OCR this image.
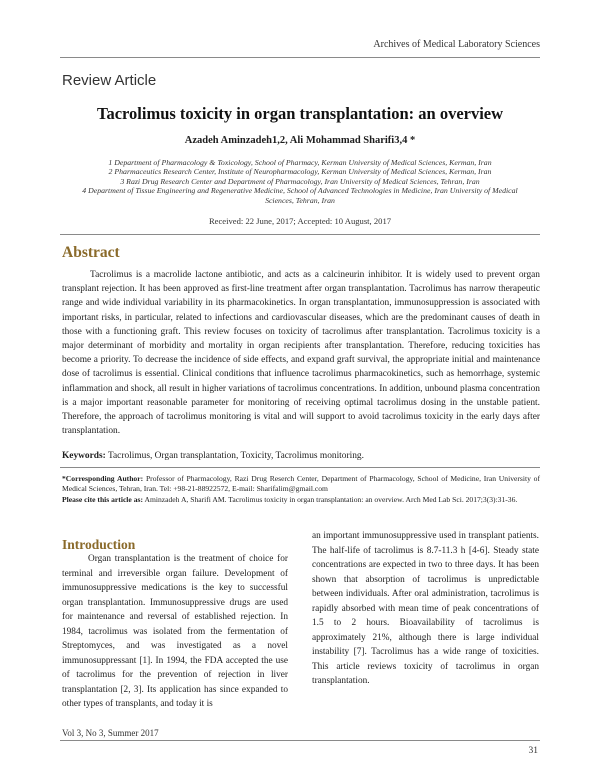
Archives of Medical Laboratory Sciences
Review Article
Tacrolimus toxicity in organ transplantation: an overview
Azadeh Aminzadeh1,2, Ali Mohammad Sharifi3,4 *
1 Department of Pharmacology & Toxicology, School of Pharmacy, Kerman University of Medical Sciences, Kerman, Iran
2 Pharmaceutics Research Center, Institute of Neuropharmacology, Kerman University of Medical Sciences, Kerman, Iran
3 Razi Drug Research Center and Department of Pharmacology, Iran University of Medical Sciences, Tehran, Iran
4 Department of Tissue Engineering and Regenerative Medicine, School of Advanced Technologies in Medicine, Iran University of Medical Sciences, Tehran, Iran
Received: 22 June, 2017; Accepted: 10 August, 2017
Abstract
Tacrolimus is a macrolide lactone antibiotic, and acts as a calcineurin inhibitor. It is widely used to prevent organ transplant rejection. It has been approved as first-line treatment after organ transplantation. Tacrolimus has narrow therapeutic range and wide individual variability in its pharmacokinetics. In organ transplantation, immunosuppression is associated with important risks, in particular, related to infections and cardiovascular diseases, which are the predominant causes of death in those with a functioning graft. This review focuses on toxicity of tacrolimus after transplantation. Tacrolimus toxicity is a major determinant of morbidity and mortality in organ recipients after transplantation. Therefore, reducing toxicities has become a priority. To decrease the incidence of side effects, and expand graft survival, the appropriate initial and maintenance dose of tacrolimus is essential. Clinical conditions that influence tacrolimus pharmacokinetics, such as hemorrhage, systemic inflammation and shock, all result in higher variations of tacrolimus concentrations. In addition, unbound plasma concentration is a major important reasonable parameter for monitoring of receiving optimal tacrolimus dosing in the unstable patient. Therefore, the approach of tacrolimus monitoring is vital and will support to avoid tacrolimus toxicity in the early days after transplantation.
Keywords: Tacrolimus, Organ transplantation, Toxicity, Tacrolimus monitoring.
*Corresponding Author: Professor of Pharmacology, Razi Drug Reserch Center, Department of Pharmacology, School of Medicine, Iran University of Medical Sciences, Tehran, Iran. Tel: +98-21-88922572, E-mail: Sharifalim@gmail.com
Please cite this article as: Aminzadeh A, Sharifi AM. Tacrolimus toxicity in organ transplantation: an overview. Arch Med Lab Sci. 2017;3(3):31-36.
Introduction
Organ transplantation is the treatment of choice for terminal and irreversible organ failure. Development of immunosuppressive medications is the key to successful organ transplantation. Immunosuppressive drugs are used for maintenance and reversal of established rejection. In 1984, tacrolimus was isolated from the fermentation of Streptomyces, and was investigated as a novel immunosuppressant [1]. In 1994, the FDA accepted the use of tacrolimus for the prevention of rejection in liver transplantation [2, 3]. Its application has since expanded to other types of transplants, and today it is
an important immunosuppressive used in transplant patients. The half-life of tacrolimus is 8.7-11.3 h [4-6]. Steady state concentrations are expected in two to three days. It has been shown that absorption of tacrolimus is unpredictable between individuals. After oral administration, tacrolimus is rapidly absorbed with mean time of peak concentrations of 1.5 to 2 hours. Bioavailability of tacrolimus is approximately 21%, although there is large individual instability [7]. Tacrolimus has a wide range of toxicities. This article reviews toxicity of tacrolimus in organ transplantation.
Vol 3, No 3, Summer 2017
31
